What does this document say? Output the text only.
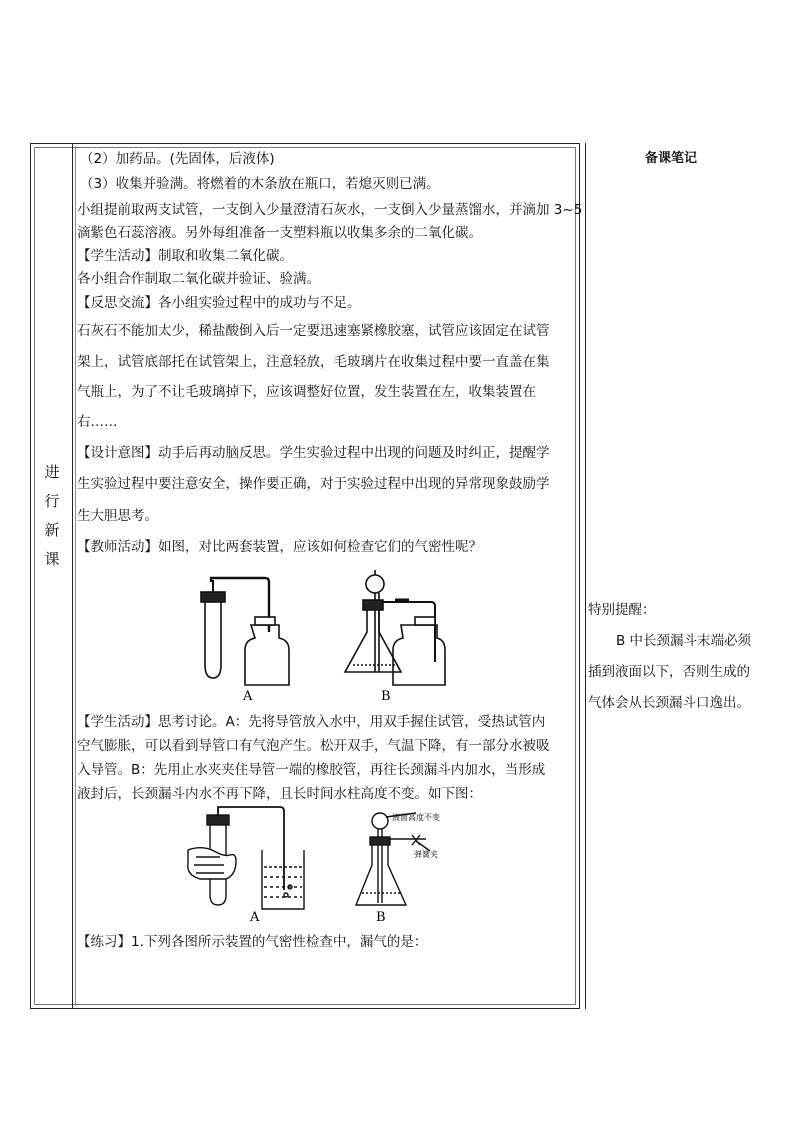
进
行
新
课
备课笔记
特别提醒：
B 中长颈漏斗末端必须
插到液面以下，否则生成的
气体会从长颈漏斗口逸出。
（2）加药品。(先固体，后液体)
（3）收集并验满。将燃着的木条放在瓶口，若熄灭则已满。
小组提前取两支试管，一支倒入少量澄清石灰水，一支倒入少量蒸馏水，并滴加 3~5
滴紫色石蕊溶液。另外每组准备一支塑料瓶以收集多余的二氧化碳。
【学生活动】制取和收集二氧化碳。
各小组合作制取二氧化碳并验证、验满。
【反思交流】各小组实验过程中的成功与不足。
石灰石不能加太少，稀盐酸倒入后一定要迅速塞紧橡胶塞，试管应该固定在试管
架上，试管底部托在试管架上，注意轻放，毛玻璃片在收集过程中要一直盖在集
气瓶上，为了不让毛玻璃掉下，应该调整好位置，发生装置在左，收集装置在
右……
【设计意图】动手后再动脑反思。学生实验过程中出现的问题及时纠正，提醒学
生实验过程中要注意安全，操作要正确，对于实验过程中出现的异常现象鼓励学
生大胆思考。
【教师活动】如图，对比两套装置，应该如何检查它们的气密性呢？
【学生活动】思考讨论。A：先将导管放入水中，用双手握住试管，受热试管内
空气膨胀，可以看到导管口有气泡产生。松开双手，气温下降，有一部分水被吸
入导管。B：先用止水夹夹住导管一端的橡胶管，再往长颈漏斗内加水，当形成
液封后，长颈漏斗内水不再下降，且长时间水柱高度不变。如下图：
【练习】1.下列各图所示装置的气密性检查中，漏气的是：
A	B
液面高度不变
弹簧夹
A	B
